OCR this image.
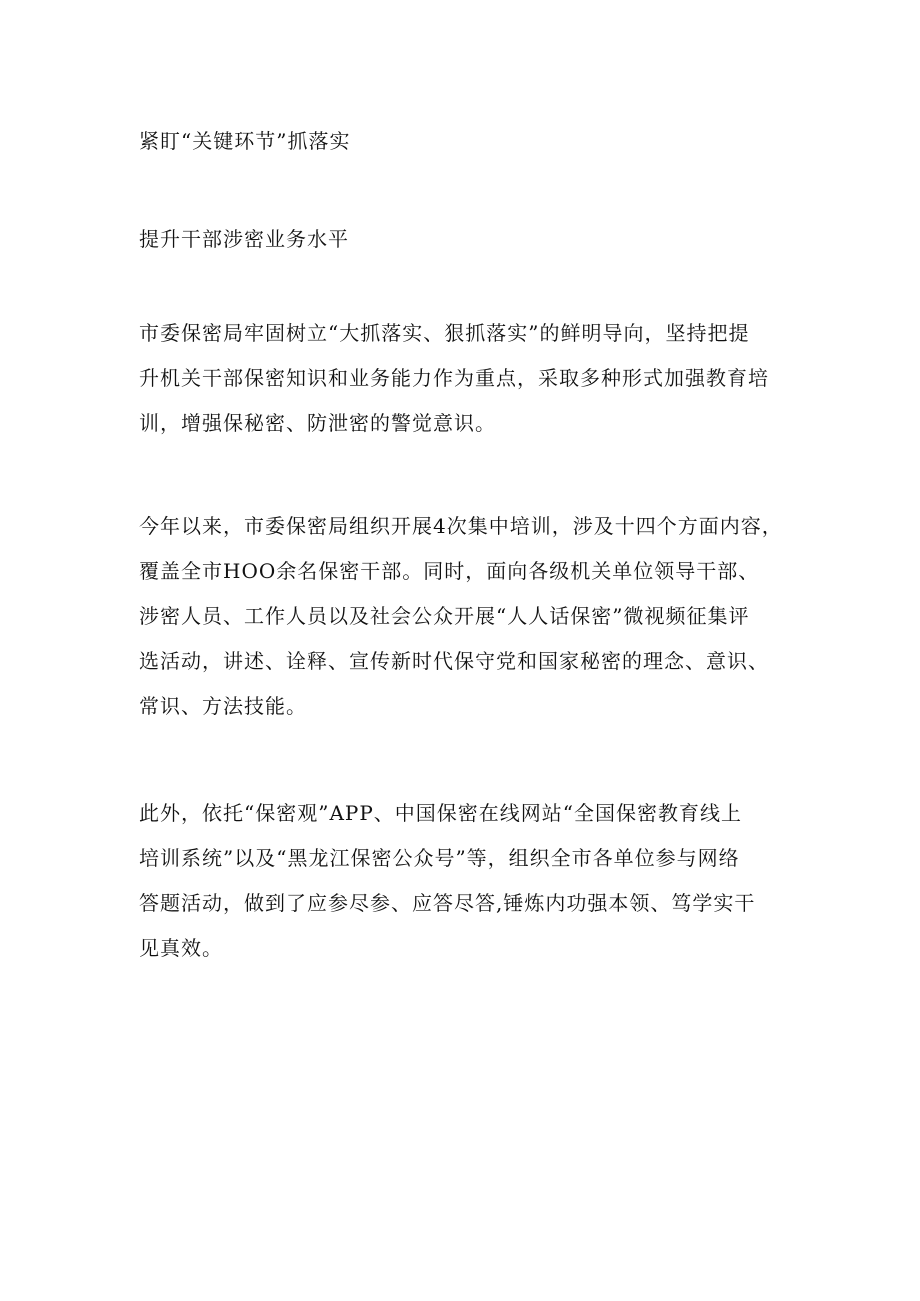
紧盯“关键环节”抓落实
提升干部涉密业务水平

市委保密局牢固树立“大抓落实、狠抓落实”的鲜明导向，坚持把提
升机关干部保密知识和业务能力作为重点，采取多种形式加强教育培
训，增强保秘密、防泄密的警觉意识。

今年以来，市委保密局组织开展4次集中培训，涉及十四个方面内容，
覆盖全市HOO余名保密干部。同时，面向各级机关单位领导干部、
涉密人员、工作人员以及社会公众开展“人人话保密”微视频征集评
选活动，讲述、诠释、宣传新时代保守党和国家秘密的理念、意识、
常识、方法技能。

此外，依托“保密观”APP、中国保密在线网站“全国保密教育线上
培训系统”以及“黑龙江保密公众号”等，组织全市各单位参与网络
答题活动，做到了应参尽参、应答尽答,锤炼内功强本领、笃学实干
见真效。
